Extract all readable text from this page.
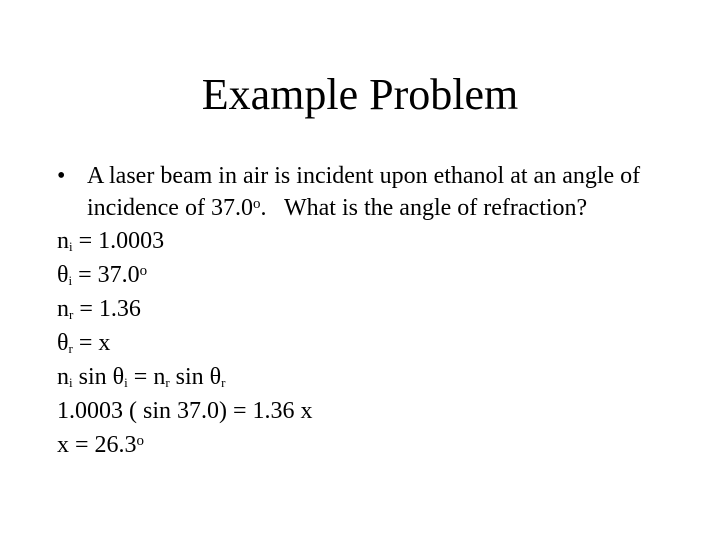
Example Problem
• A laser beam in air is incident upon ethanol at an angle of
incidence of 37.0$^o$.   What is the angle of refraction?
$n_i = 1.0003$
$\theta_i = 37.0^o$
$n_r = 1.36$
$\theta_r = x$
$n_i$ $\sin \theta_i = n_r$ $\sin \theta_r$
1.0003 ( sin 37.0) = 1.36 x
$x = 26.3^o$
